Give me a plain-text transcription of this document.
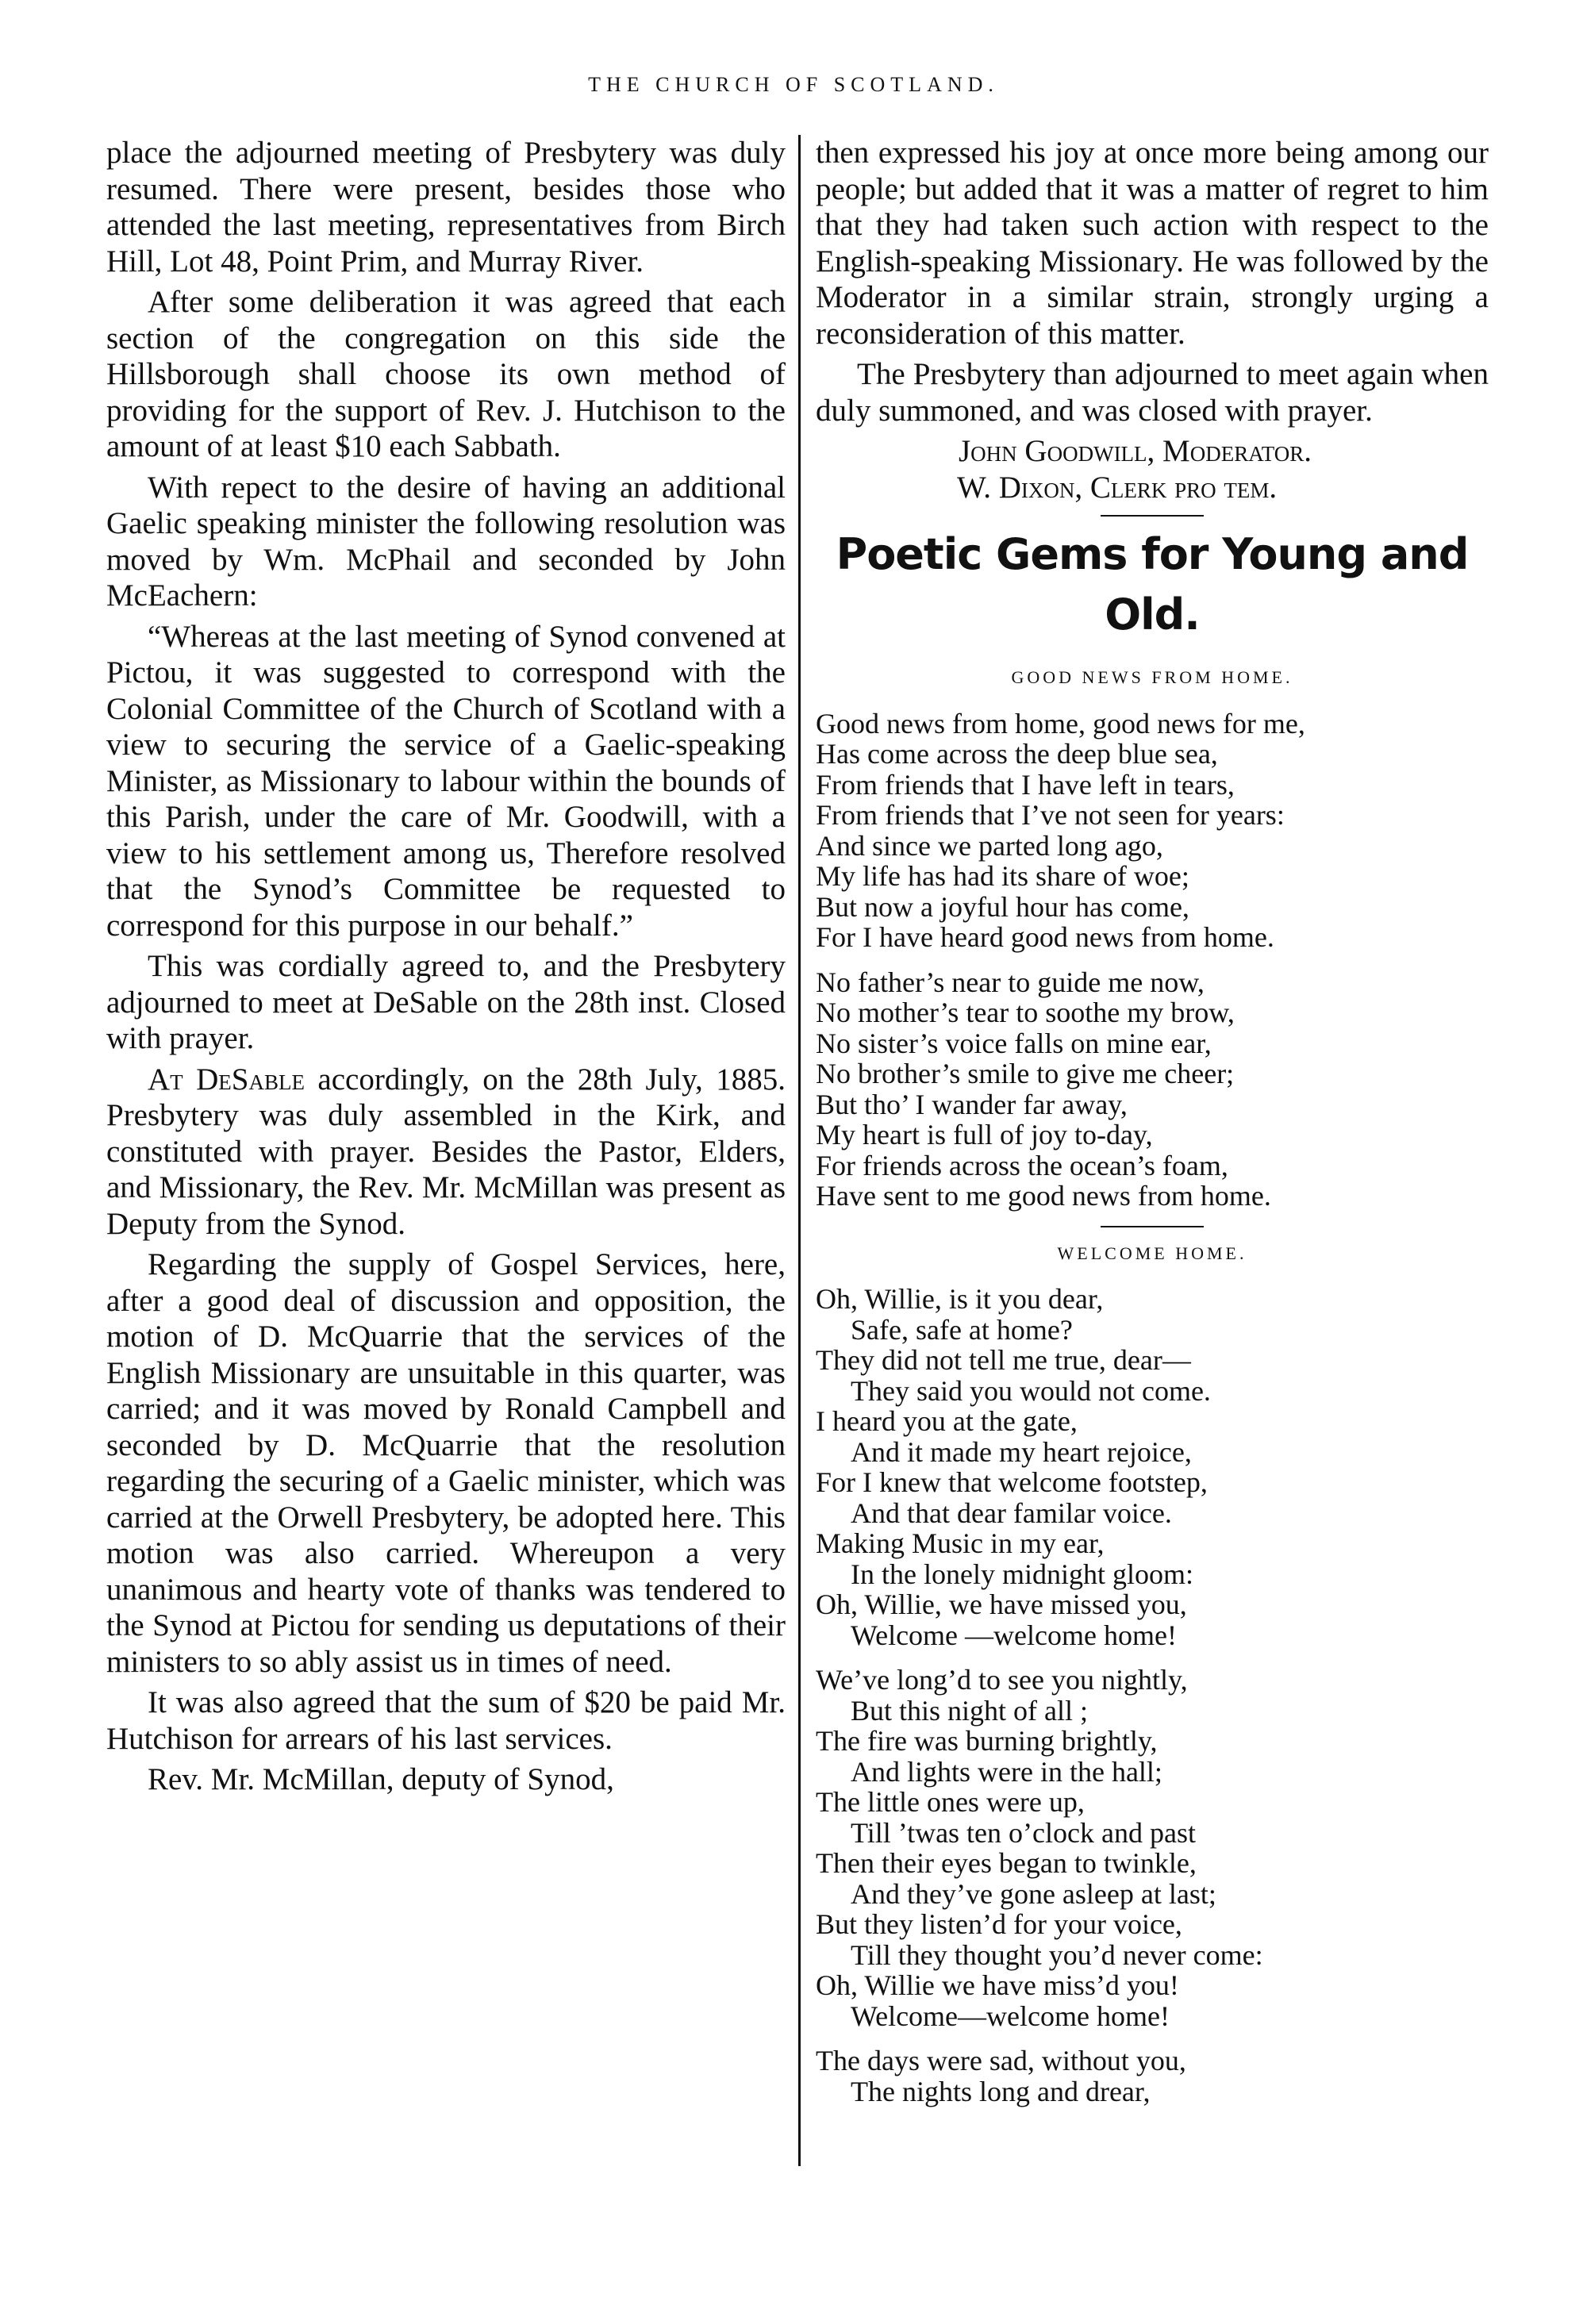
THE CHURCH OF SCOTLAND.

place the adjourned meeting of Presbytery was duly resumed. There were present, besides those who attended the last meeting, representatives from Birch Hill, Lot 48, Point Prim, and Murray River.

After some deliberation it was agreed that each section of the congregation on this side the Hillsborough shall choose its own method of providing for the support of Rev. J. Hutchison to the amount of at least $10 each Sabbath.

With repect to the desire of having an additional Gaelic speaking minister the following resolution was moved by Wm. McPhail and seconded by John McEachern:

“Whereas at the last meeting of Synod convened at Pictou, it was suggested to correspond with the Colonial Committee of the Church of Scotland with a view to securing the service of a Gaelic-speaking Minister, as Missionary to labour within the bounds of this Parish, under the care of Mr. Goodwill, with a view to his settlement among us, Therefore resolved that the Synod’s Committee be requested to correspond for this purpose in our behalf.”

This was cordially agreed to, and the Presbytery adjourned to meet at DeSable on the 28th inst. Closed with prayer.

At DeSable accordingly, on the 28th July, 1885. Presbytery was duly assembled in the Kirk, and constituted with prayer. Besides the Pastor, Elders, and Missionary, the Rev. Mr. McMillan was present as Deputy from the Synod.

Regarding the supply of Gospel Services, here, after a good deal of discussion and opposition, the motion of D. McQuarrie that the services of the English Missionary are unsuitable in this quarter, was carried; and it was moved by Ronald Campbell and seconded by D. McQuarrie that the resolution regarding the securing of a Gaelic minister, which was carried at the Orwell Presbytery, be adopted here. This motion was also carried. Whereupon a very unanimous and hearty vote of thanks was tendered to the Synod at Pictou for sending us deputations of their ministers to so ably assist us in times of need.

It was also agreed that the sum of $20 be paid Mr. Hutchison for arrears of his last services.

Rev. Mr. McMillan, deputy of Synod,

then expressed his joy at once more being among our people; but added that it was a matter of regret to him that they had taken such action with respect to the English-speaking Missionary. He was followed by the Moderator in a similar strain, strongly urging a reconsideration of this matter.

The Presbytery than adjourned to meet again when duly summoned, and was closed with prayer.

John Goodwill, Moderator.

W. Dixon, Clerk pro tem.

Poetic Gems for Young and Old.
GOOD NEWS FROM HOME.
Good news from home, good news for me,
Has come across the deep blue sea,
From friends that I have left in tears,
From friends that I’ve not seen for years:
And since we parted long ago,
My life has had its share of woe;
But now a joyful hour has come,
For I have heard good news from home.
No father’s near to guide me now,
No mother’s tear to soothe my brow,
No sister’s voice falls on mine ear,
No brother’s smile to give me cheer;
But tho’ I wander far away,
My heart is full of joy to-day,
For friends across the ocean’s foam,
Have sent to me good news from home.
WELCOME HOME.
Oh, Willie, is it you dear,
Safe, safe at home?
They did not tell me true, dear—
They said you would not come.
I heard you at the gate,
And it made my heart rejoice,
For I knew that welcome footstep,
And that dear familar voice.
Making Music in my ear,
In the lonely midnight gloom:
Oh, Willie, we have missed you,
Welcome —welcome home!
We’ve long’d to see you nightly,
But this night of all ;
The fire was burning brightly,
And lights were in the hall;
The little ones were up,
Till ’twas ten o’clock and past
Then their eyes began to twinkle,
And they’ve gone asleep at last;
But they listen’d for your voice,
Till they thought you’d never come:
Oh, Willie we have miss’d you!
Welcome—welcome home!
The days were sad, without you,
The nights long and drear,
